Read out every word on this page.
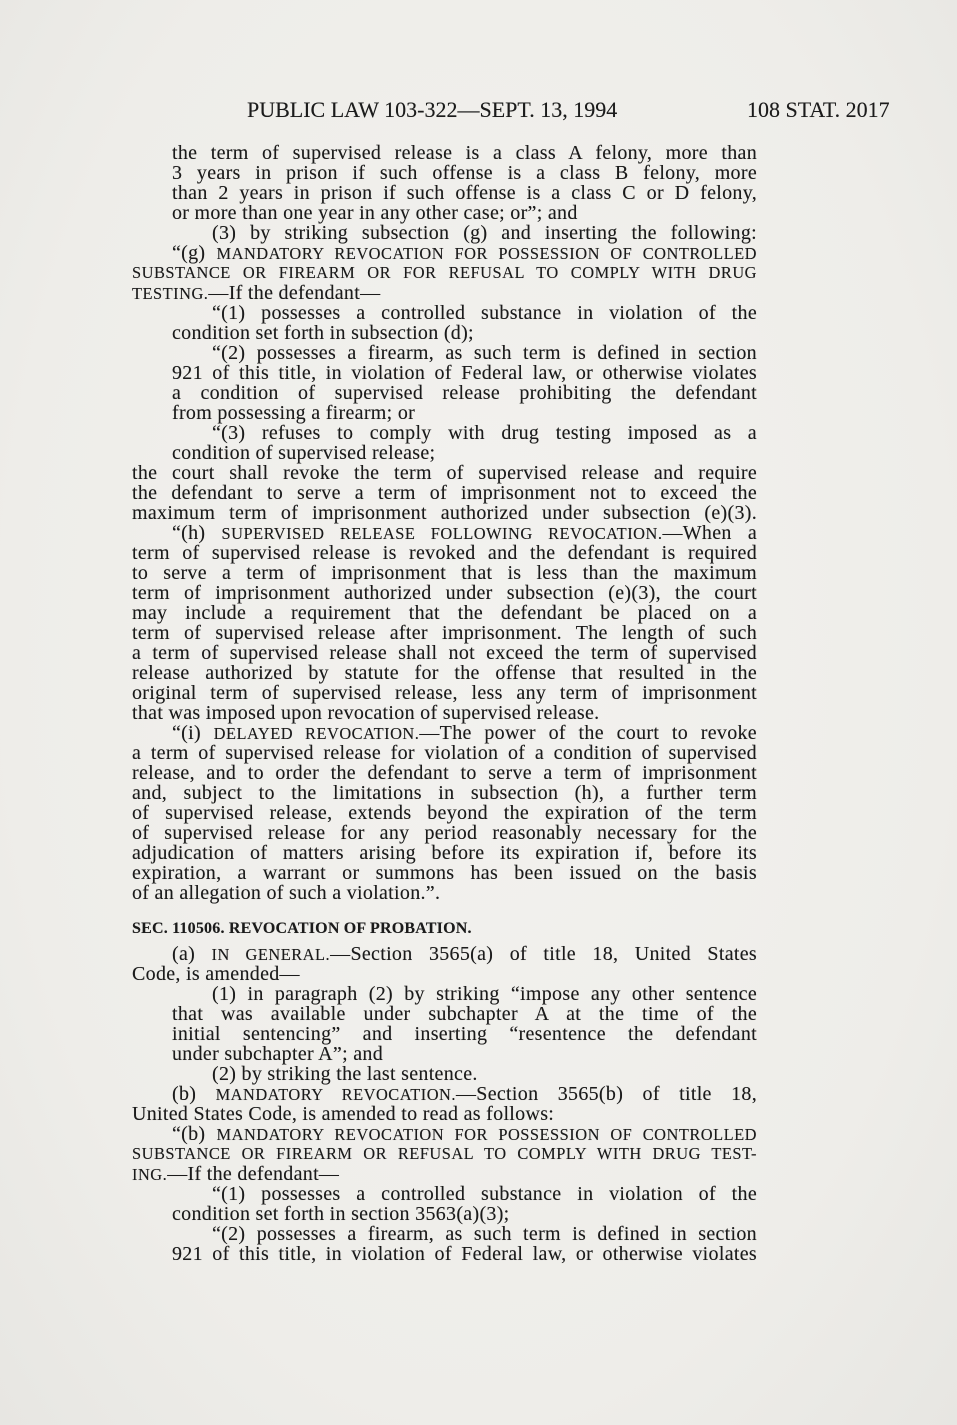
PUBLIC LAW 103-322—SEPT. 13, 1994	108 STAT. 2017
the term of supervised release is a class A felony, more than
3 years in prison if such offense is a class B felony, more
than 2 years in prison if such offense is a class C or D felony,
or more than one year in any other case; or”; and
(3) by striking subsection (g) and inserting the following:
“(g) MANDATORY REVOCATION FOR POSSESSION OF CONTROLLED
SUBSTANCE OR FIREARM OR FOR REFUSAL TO COMPLY WITH DRUG
TESTING.—If the defendant—
“(1) possesses a controlled substance in violation of the
condition set forth in subsection (d);
“(2) possesses a firearm, as such term is defined in section
921 of this title, in violation of Federal law, or otherwise violates
a condition of supervised release prohibiting the defendant
from possessing a firearm; or
“(3) refuses to comply with drug testing imposed as a
condition of supervised release;
the court shall revoke the term of supervised release and require
the defendant to serve a term of imprisonment not to exceed the
maximum term of imprisonment authorized under subsection (e)(3).
“(h) SUPERVISED RELEASE FOLLOWING REVOCATION.—When a
term of supervised release is revoked and the defendant is required
to serve a term of imprisonment that is less than the maximum
term of imprisonment authorized under subsection (e)(3), the court
may include a requirement that the defendant be placed on a
term of supervised release after imprisonment. The length of such
a term of supervised release shall not exceed the term of supervised
release authorized by statute for the offense that resulted in the
original term of supervised release, less any term of imprisonment
that was imposed upon revocation of supervised release.
“(i) DELAYED REVOCATION.—The power of the court to revoke
a term of supervised release for violation of a condition of supervised
release, and to order the defendant to serve a term of imprisonment
and, subject to the limitations in subsection (h), a further term
of supervised release, extends beyond the expiration of the term
of supervised release for any period reasonably necessary for the
adjudication of matters arising before its expiration if, before its
expiration, a warrant or summons has been issued on the basis
of an allegation of such a violation.”.
SEC. 110506. REVOCATION OF PROBATION.
(a) IN GENERAL.—Section 3565(a) of title 18, United States
Code, is amended—
(1) in paragraph (2) by striking “impose any other sentence
that was available under subchapter A at the time of the
initial sentencing” and inserting “resentence the defendant
under subchapter A”; and
(2) by striking the last sentence.
(b) MANDATORY REVOCATION.—Section 3565(b) of title 18,
United States Code, is amended to read as follows:
“(b) MANDATORY REVOCATION FOR POSSESSION OF CONTROLLED
SUBSTANCE OR FIREARM OR REFUSAL TO COMPLY WITH DRUG TEST-
ING.—If the defendant—
“(1) possesses a controlled substance in violation of the
condition set forth in section 3563(a)(3);
“(2) possesses a firearm, as such term is defined in section
921 of this title, in violation of Federal law, or otherwise violates
